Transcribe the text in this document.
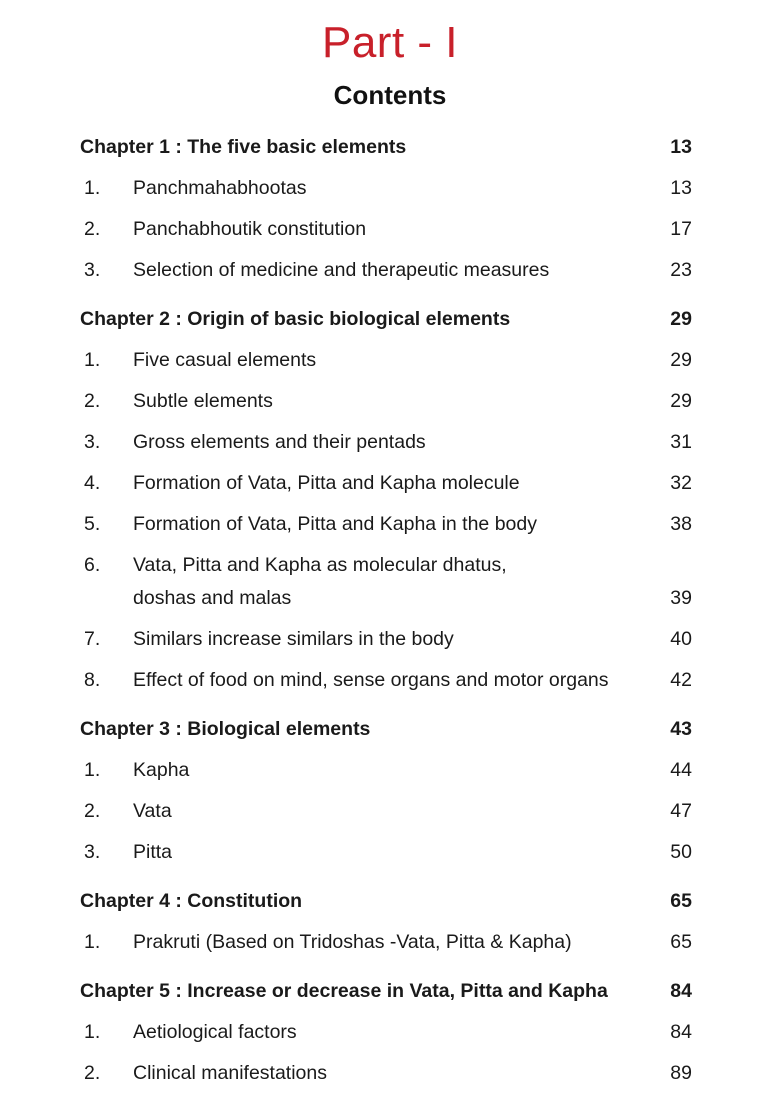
Part - I
Contents
Chapter 1 : The five basic elements	13
1.	Panchmahabhootas	13
2.	Panchabhoutik constitution	17
3.	Selection of medicine and therapeutic measures	23
Chapter 2 : Origin of basic biological elements	29
1.	Five casual elements	29
2.	Subtle elements	29
3.	Gross elements and their pentads	31
4.	Formation of Vata, Pitta and Kapha molecule	32
5.	Formation of Vata, Pitta and Kapha in the body	38
6.	Vata, Pitta and Kapha as molecular dhatus,
doshas and malas	39
7.	Similars increase similars in the body	40
8.	Effect of food on mind, sense organs and motor organs	42
Chapter 3 : Biological elements	43
1.	Kapha	44
2.	Vata	47
3.	Pitta	50
Chapter 4 : Constitution	65
1.	Prakruti (Based on Tridoshas -Vata, Pitta & Kapha)	65
Chapter 5 : Increase or decrease in Vata, Pitta and Kapha	84
1.	Aetiological factors	84
2.	Clinical manifestations	89
